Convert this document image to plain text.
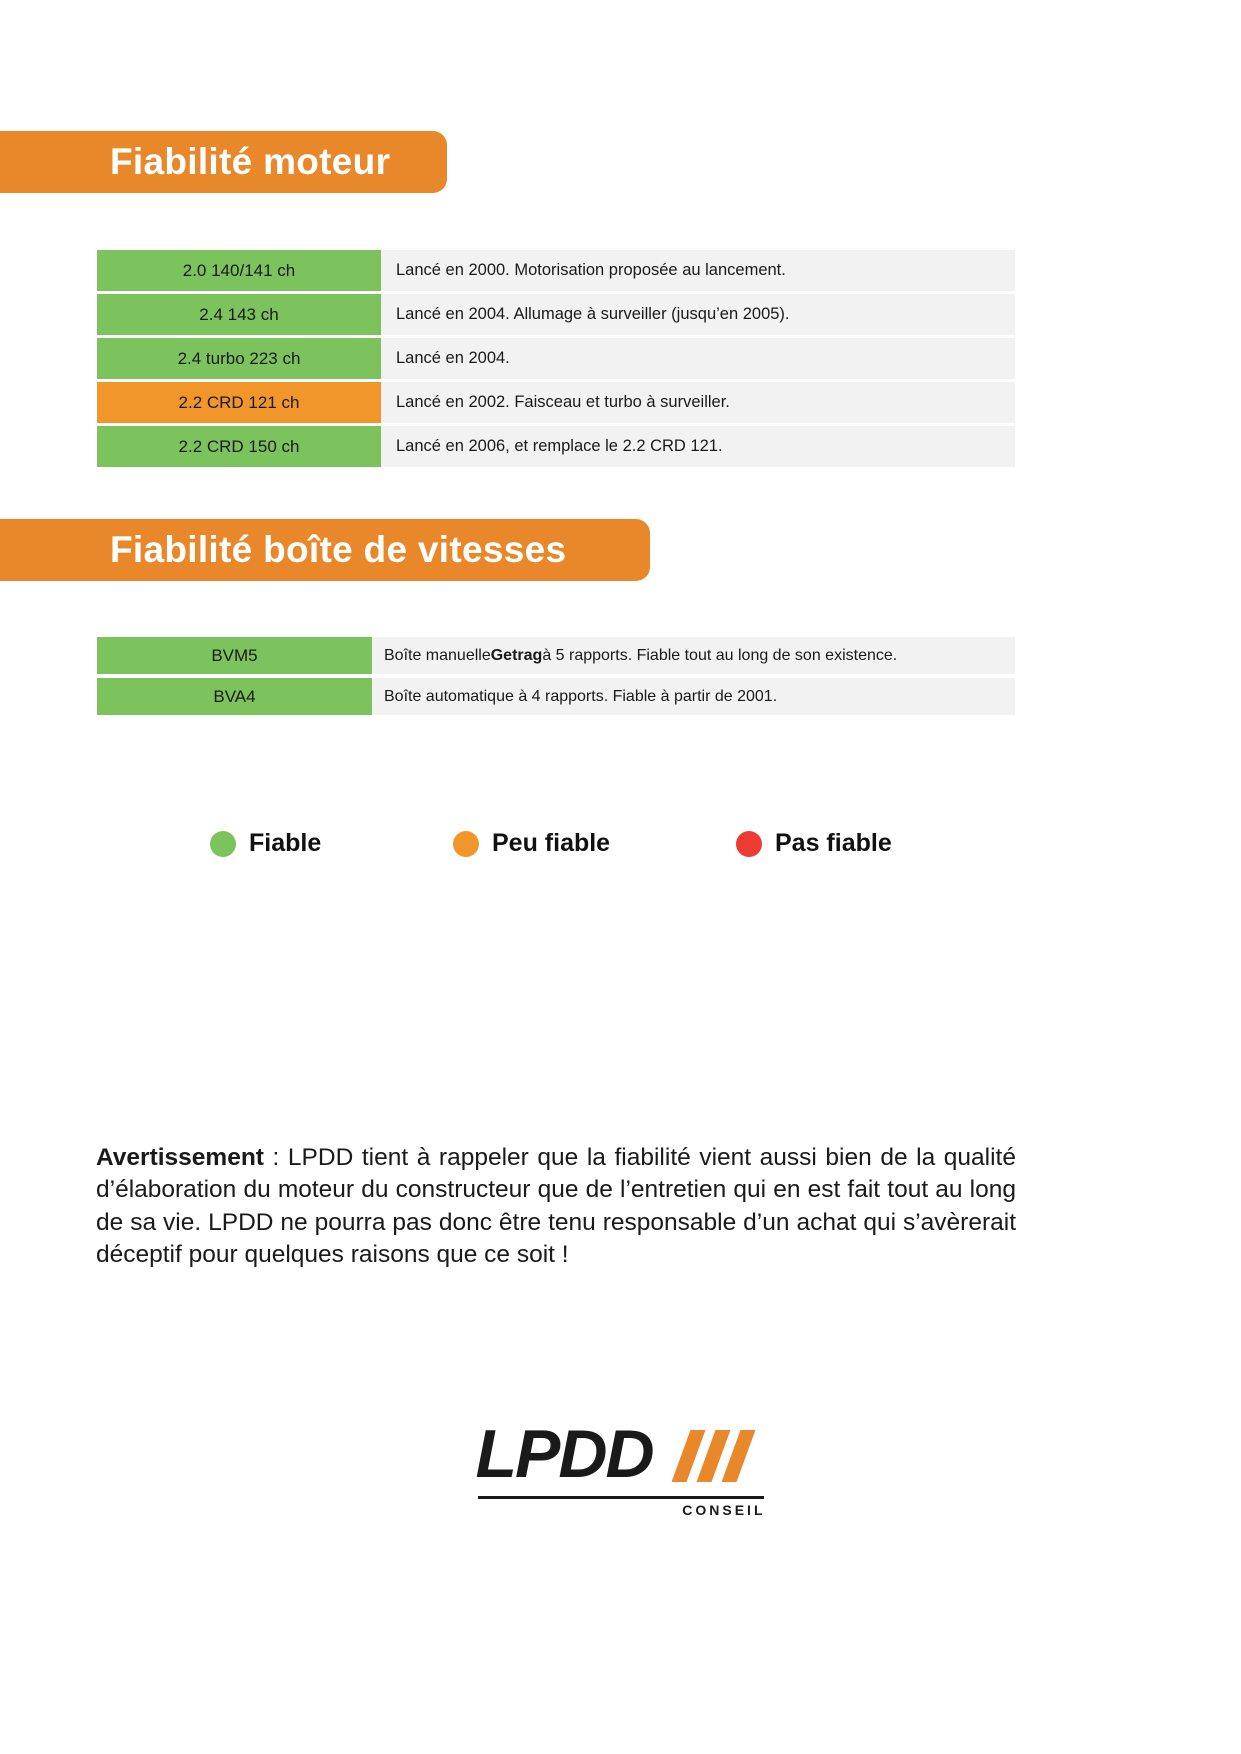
Fiabilité moteur
2.0 140/141 ch	Lancé en 2000. Motorisation proposée au lancement.
2.4 143 ch	Lancé en 2004. Allumage à surveiller (jusqu’en 2005).
2.4 turbo 223 ch	Lancé en 2004.
2.2 CRD 121 ch	Lancé en 2002. Faisceau et turbo à surveiller.
2.2 CRD 150 ch	Lancé en 2006, et remplace le 2.2 CRD 121.
Fiabilité boîte de vitesses
BVM5	Boîte manuelle Getrag à 5 rapports. Fiable tout au long de son existence.
BVA4	Boîte automatique à 4 rapports. Fiable à partir de 2001.
Fiable	Peu fiable	Pas fiable

Avertissement : LPDD tient à rappeler que la fiabilité vient aussi bien de la qualité d’élaboration du moteur du constructeur que de l’entretien qui en est fait tout au long de sa vie. LPDD ne pourra pas donc être tenu responsable d’un achat qui s’avèrerait déceptif pour quelques raisons que ce soit !

LPDD
CONSEIL
